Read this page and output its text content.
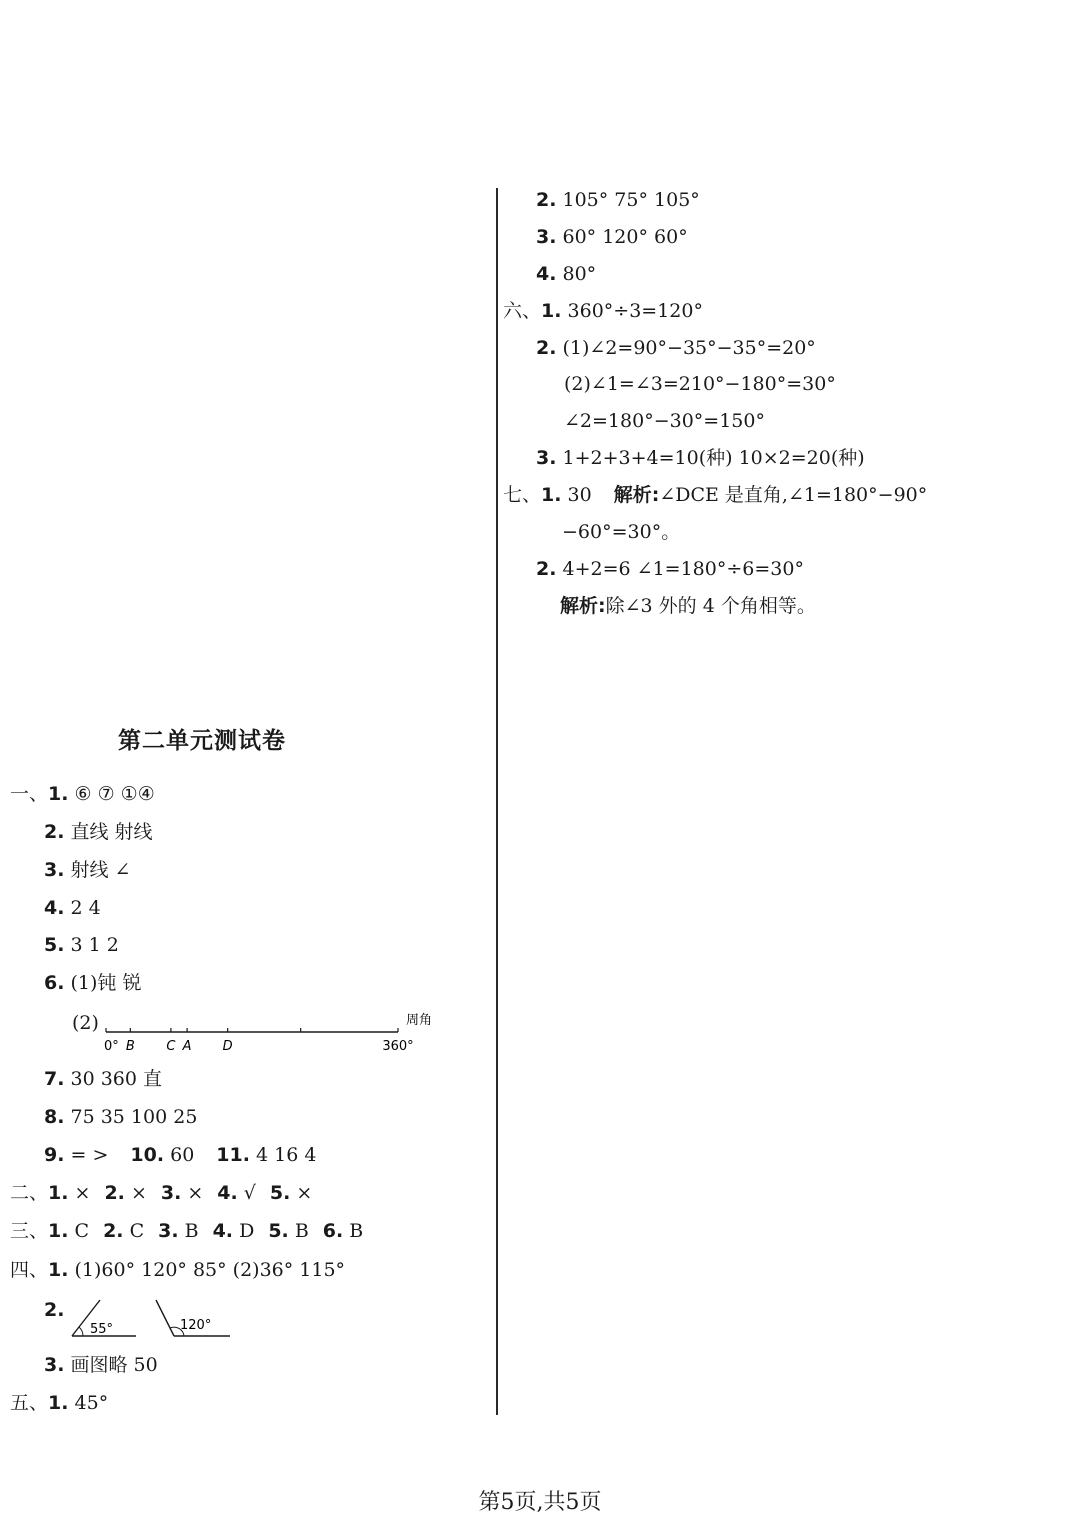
2. 105° 75° 105°
3. 60° 120° 60°
4. 80°
六、1. 360°÷3=120°
2. (1)∠2=90°−35°−35°=20°
(2)∠1=∠3=210°−180°=30°
∠2=180°−30°=150°
3. 1+2+3+4=10(种) 10×2=20(种)
七、1. 30 解析:∠DCE 是直角,∠1=180°−90°
−60°=30°。
2. 4+2=6 ∠1=180°÷6=30°
解析:除∠3 外的 4 个角相等。
第二单元测试卷
一、1. ⑥ ⑦ ①④
2. 直线 射线
3. 射线 ∠
4. 2 4
5. 3 1 2
6. (1)钝 锐
(2)	周角
0° B C A D	360°
7. 30 360 直
8. 75 35 100 25
9. = > 10. 60 11. 4 16 4
二、1. × 2. × 3. × 4. √ 5. ×
三、1. C 2. C 3. B 4. D 5. B 6. B
四、1. (1)60° 120° 85° (2)36° 115°
2.
55°	120°
3. 画图略 50
五、1. 45°
第5页,共5页
